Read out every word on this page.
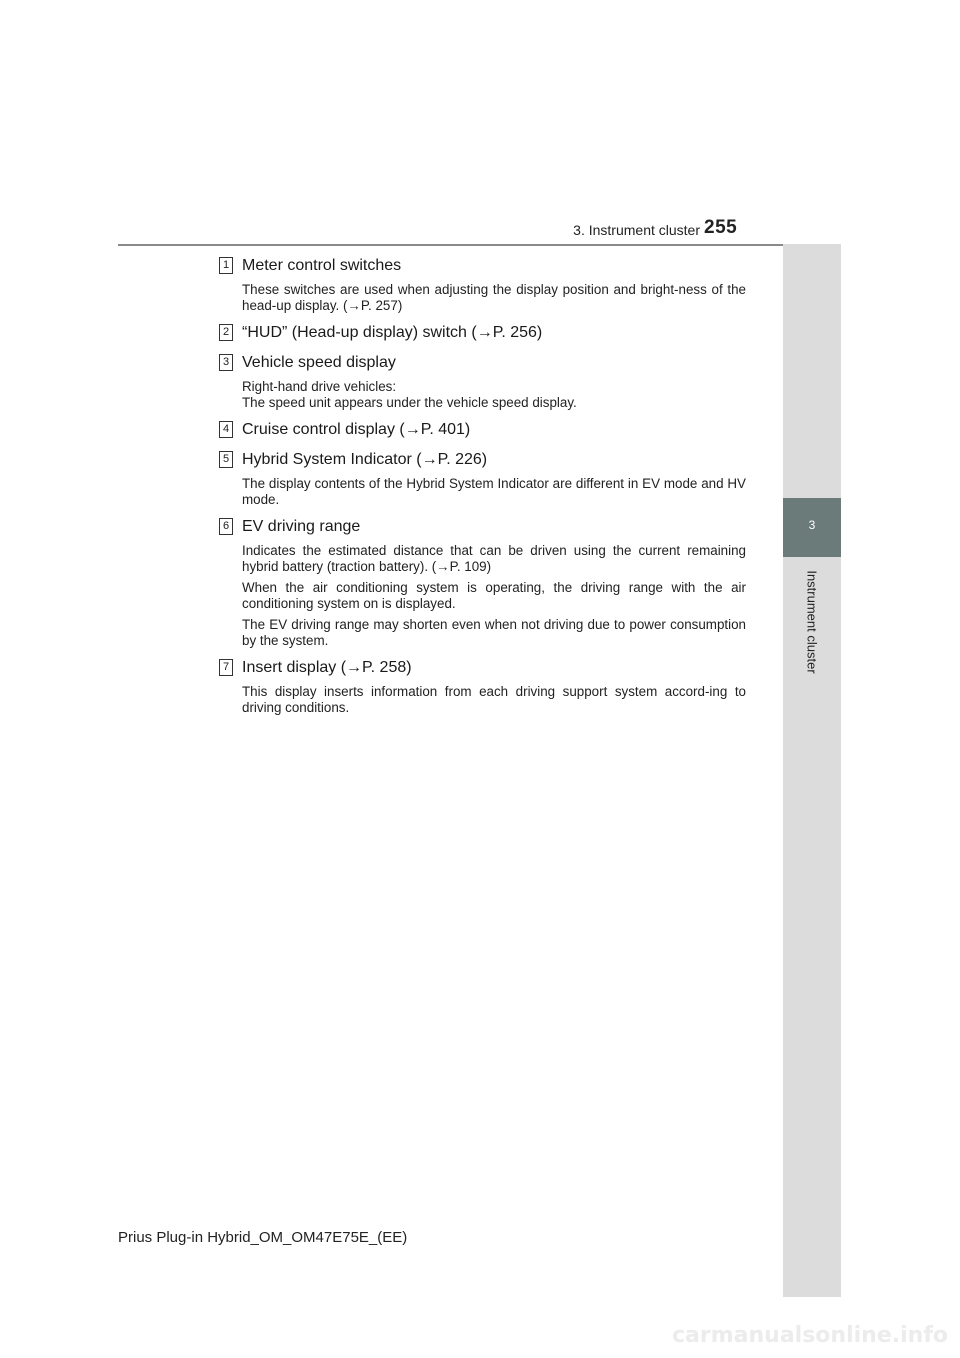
3. Instrument cluster 255
3
Instrument cluster
1 Meter control switches

These switches are used when adjusting the display position and bright-ness of the head-up display. (→P. 257)

2 “HUD” (Head-up display) switch (→P. 256)
3 Vehicle speed display

Right-hand drive vehicles:
The speed unit appears under the vehicle speed display.

4 Cruise control display (→P. 401)
5 Hybrid System Indicator (→P. 226)

The display contents of the Hybrid System Indicator are different in EV mode and HV mode.

6 EV driving range

Indicates the estimated distance that can be driven using the current remaining hybrid battery (traction battery). (→P. 109)

When the air conditioning system is operating, the driving range with the air conditioning system on is displayed.

The EV driving range may shorten even when not driving due to power consumption by the system.

7 Insert display (→P. 258)

This display inserts information from each driving support system accord-ing to driving conditions.

Prius Plug-in Hybrid_OM_OM47E75E_(EE)
carmanualsonline.info
